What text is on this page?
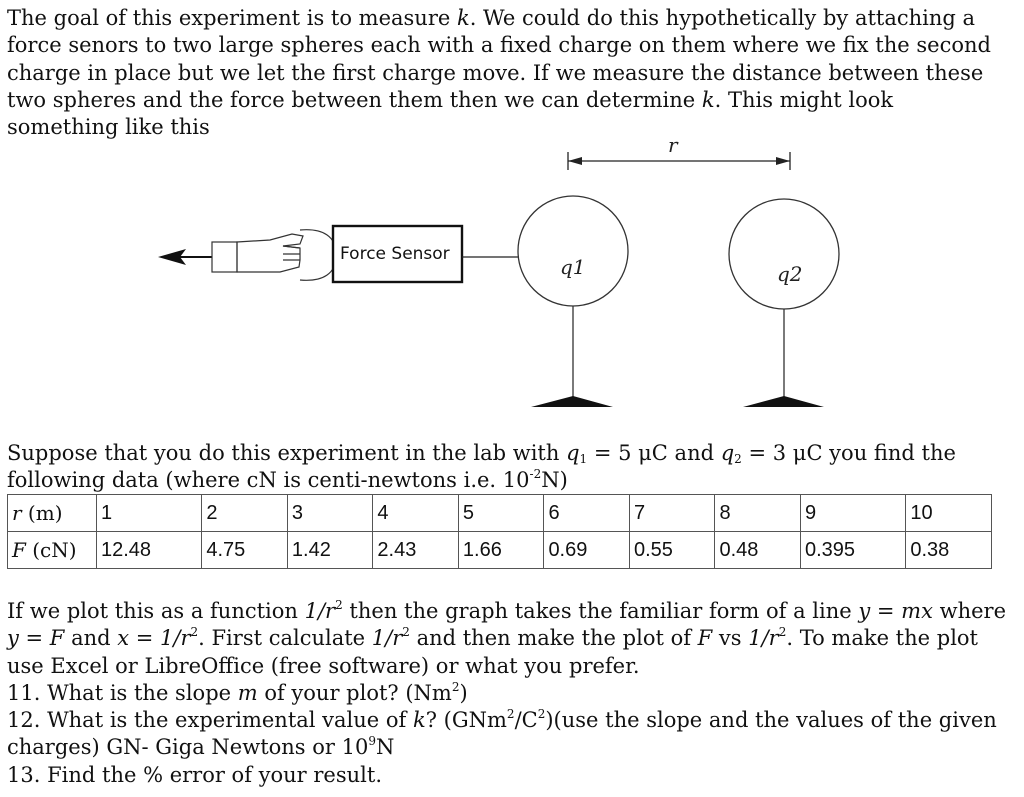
The goal of this experiment is to measure k. We could do this hypothetically by attaching a force senors to two large spheres each with a fixed charge on them where we fix the second charge in place but we let the first charge move. If we measure the distance between these two spheres and the force between them then we can determine k. This might look something like this

r
Force Sensor
q1	q2

Suppose that you do this experiment in the lab with $q_1 = 5$ μC and $q_2 = 3$ μC you find the following data (where cN is centi-newtons i.e. $10^{-2}N$)

r (m)	1	2	3	4	5	6	7	8	9	10
F (cN)	12.48	4.75	1.42	2.43	1.66	0.69	0.55	0.48	0.395	0.38
If we plot this as a function $1/r^2$ then the graph takes the familiar form of a line y = mx where y = F and $x = 1/r^2$. First calculate $1/r^2$ and then make the plot of F vs $1/r^2$. To make the plot use Excel or LibreOffice (free software) or what you prefer.
11. What is the slope m of your plot? (Nm$^2$)
12. What is the experimental value of k? $(GNm^2/C^2)(use$ the slope and the values of the given charges) GN- Giga Newtons or $10^9N$
13. Find the % error of your result.
